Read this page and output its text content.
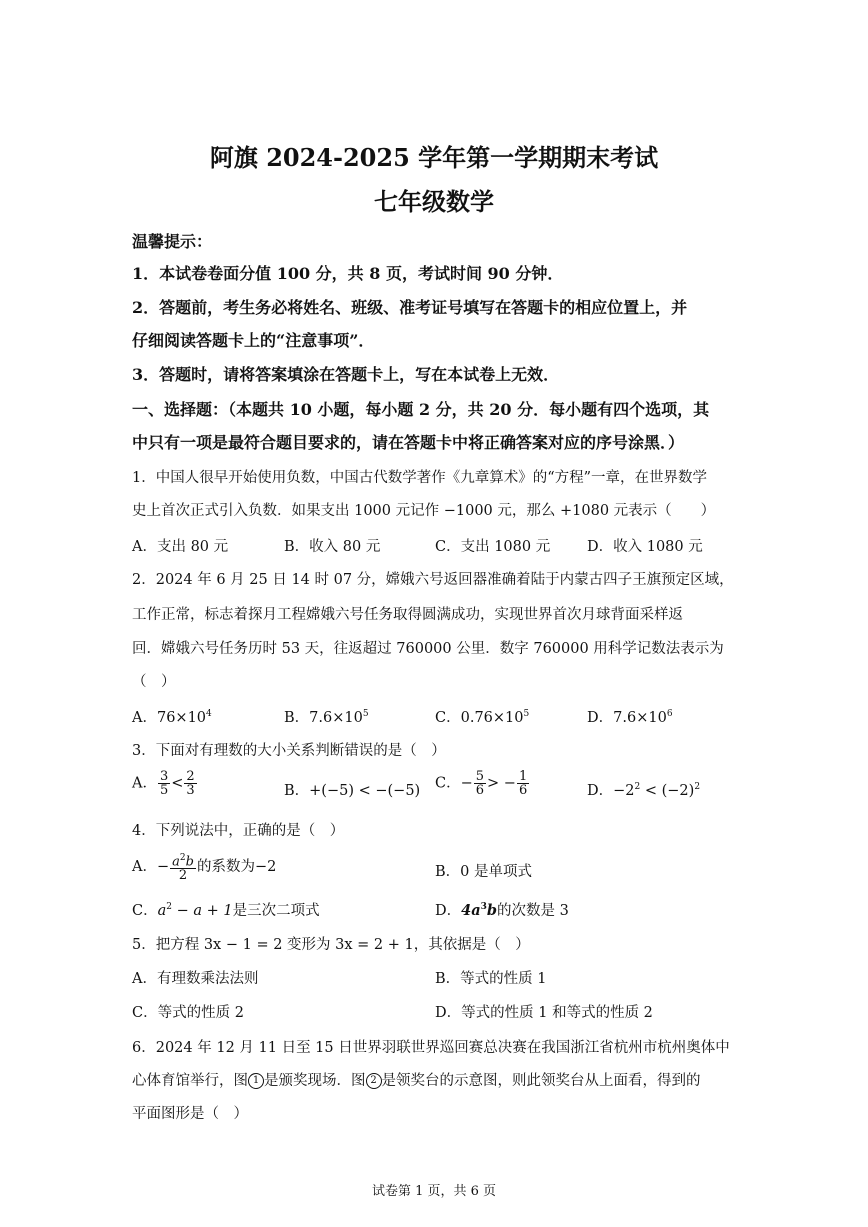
阿旗 2024-2025 学年第一学期期末考试
七年级数学
温馨提示：
1．本试卷卷面分值 100 分，共 8 页，考试时间 90 分钟．
2．答题前，考生务必将姓名、班级、准考证号填写在答题卡的相应位置上，并
仔细阅读答题卡上的“注意事项”．
3．答题时，请将答案填涂在答题卡上，写在本试卷上无效．
一、选择题：（本题共 10 小题，每小题 2 分，共 20 分．每小题有四个选项，其
中只有一项是最符合题目要求的，请在答题卡中将正确答案对应的序号涂黑．）
1．中国人很早开始使用负数，中国古代数学著作《九章算术》的“方程”一章，在世界数学
史上首次正式引入负数．如果支出 1000 元记作 −1000 元，那么 +1080 元表示（　　）
A．支出 80 元	B．收入 80 元	C．支出 1080 元	D．收入 1080 元
2．2024 年 6 月 25 日 14 时 07 分，嫦娥六号返回器准确着陆于内蒙古四子王旗预定区域，
工作正常，标志着探月工程嫦娥六号任务取得圆满成功，实现世界首次月球背面采样返
回．嫦娥六号任务历时 53 天，往返超过 760000 公里．数字 760000 用科学记数法表示为
（　）
A．$76\times 10^4$	B．$7.6\times 10^5$	C．$0.76\times 10^5$	D．$7.6\times 10^6$
3．下面对有理数的大小关系判断错误的是（　）
A． $\frac{3}{5} < \frac{2}{3}$	B．+(−5) < −(−5) C．− $\frac{5}{6}$ > − $\frac{1}{6}$	D．$-2^2 < (-2)^2$
4．下列说法中，正确的是（　）
A．− $\frac{a^2b}{2}$ 的系数为−2	B．0 是单项式
C．$a^2 - a + 1$是三次二项式	D．$4a^3b$的次数是 3
5．把方程 3x − 1 = 2 变形为 3x = 2 + 1，其依据是（　）
A．有理数乘法法则	B．等式的性质 1
C．等式的性质 2	D．等式的性质 1 和等式的性质 2
6．2024 年 12 月 11 日至 15 日世界羽联世界巡回赛总决赛在我国浙江省杭州市杭州奥体中
心体育馆举行，图 1 是颁奖现场．图 2 是领奖台的示意图，则此领奖台从上面看，得到的
平面图形是（　）
试卷第 1 页，共 6 页
